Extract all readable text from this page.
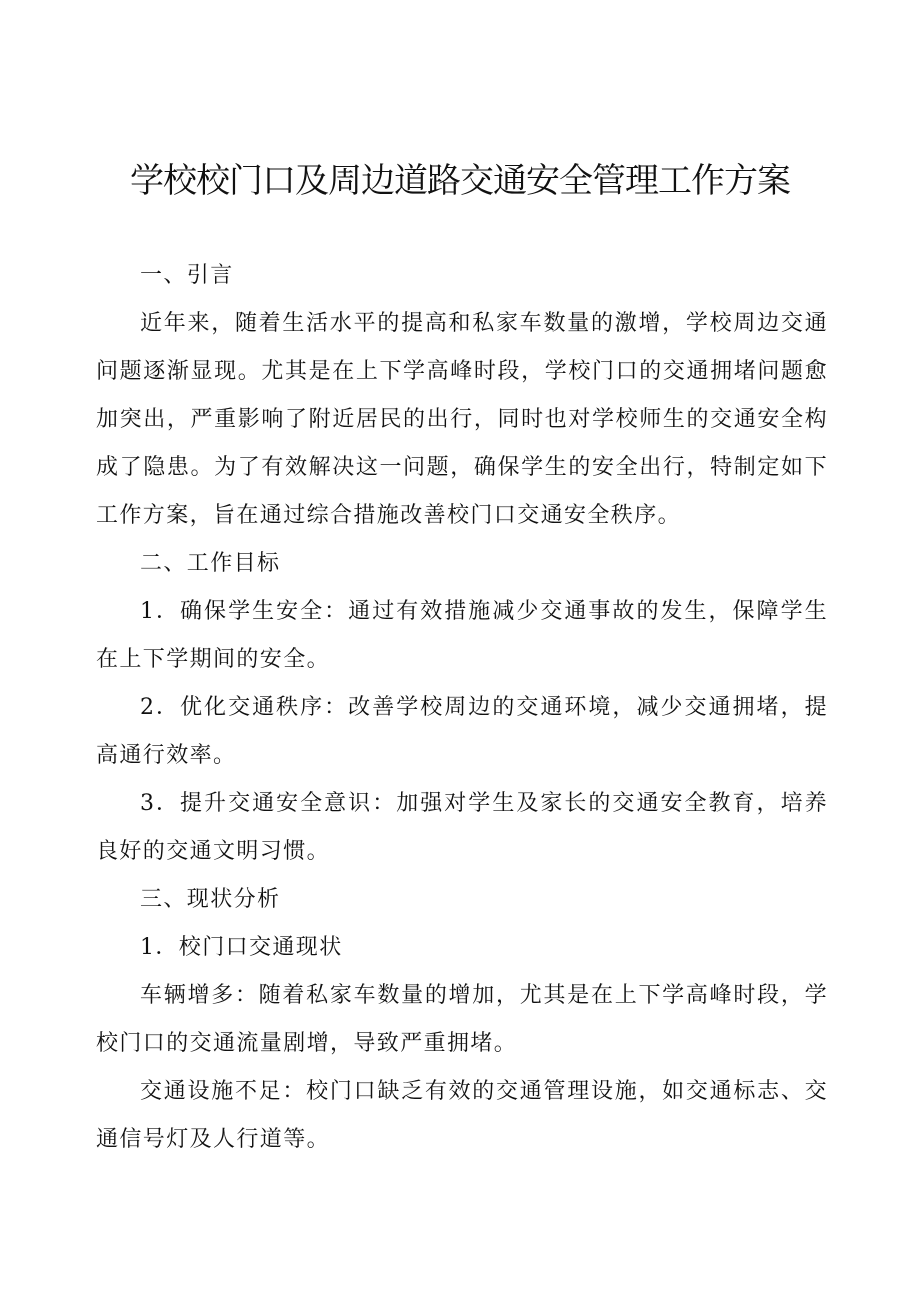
学校校门口及周边道路交通安全管理工作方案

一、引言

近年来，随着生活水平的提高和私家车数量的激增，学校周边交通问题逐渐显现。尤其是在上下学高峰时段，学校门口的交通拥堵问题愈加突出，严重影响了附近居民的出行，同时也对学校师生的交通安全构成了隐患。为了有效解决这一问题，确保学生的安全出行，特制定如下工作方案，旨在通过综合措施改善校门口交通安全秩序。

二、工作目标

1．确保学生安全：通过有效措施减少交通事故的发生，保障学生在上下学期间的安全。

2．优化交通秩序：改善学校周边的交通环境，减少交通拥堵，提高通行效率。

3．提升交通安全意识：加强对学生及家长的交通安全教育，培养良好的交通文明习惯。

三、现状分析

1．校门口交通现状

车辆增多：随着私家车数量的增加，尤其是在上下学高峰时段，学校门口的交通流量剧增，导致严重拥堵。

交通设施不足：校门口缺乏有效的交通管理设施，如交通标志、交通信号灯及人行道等。
